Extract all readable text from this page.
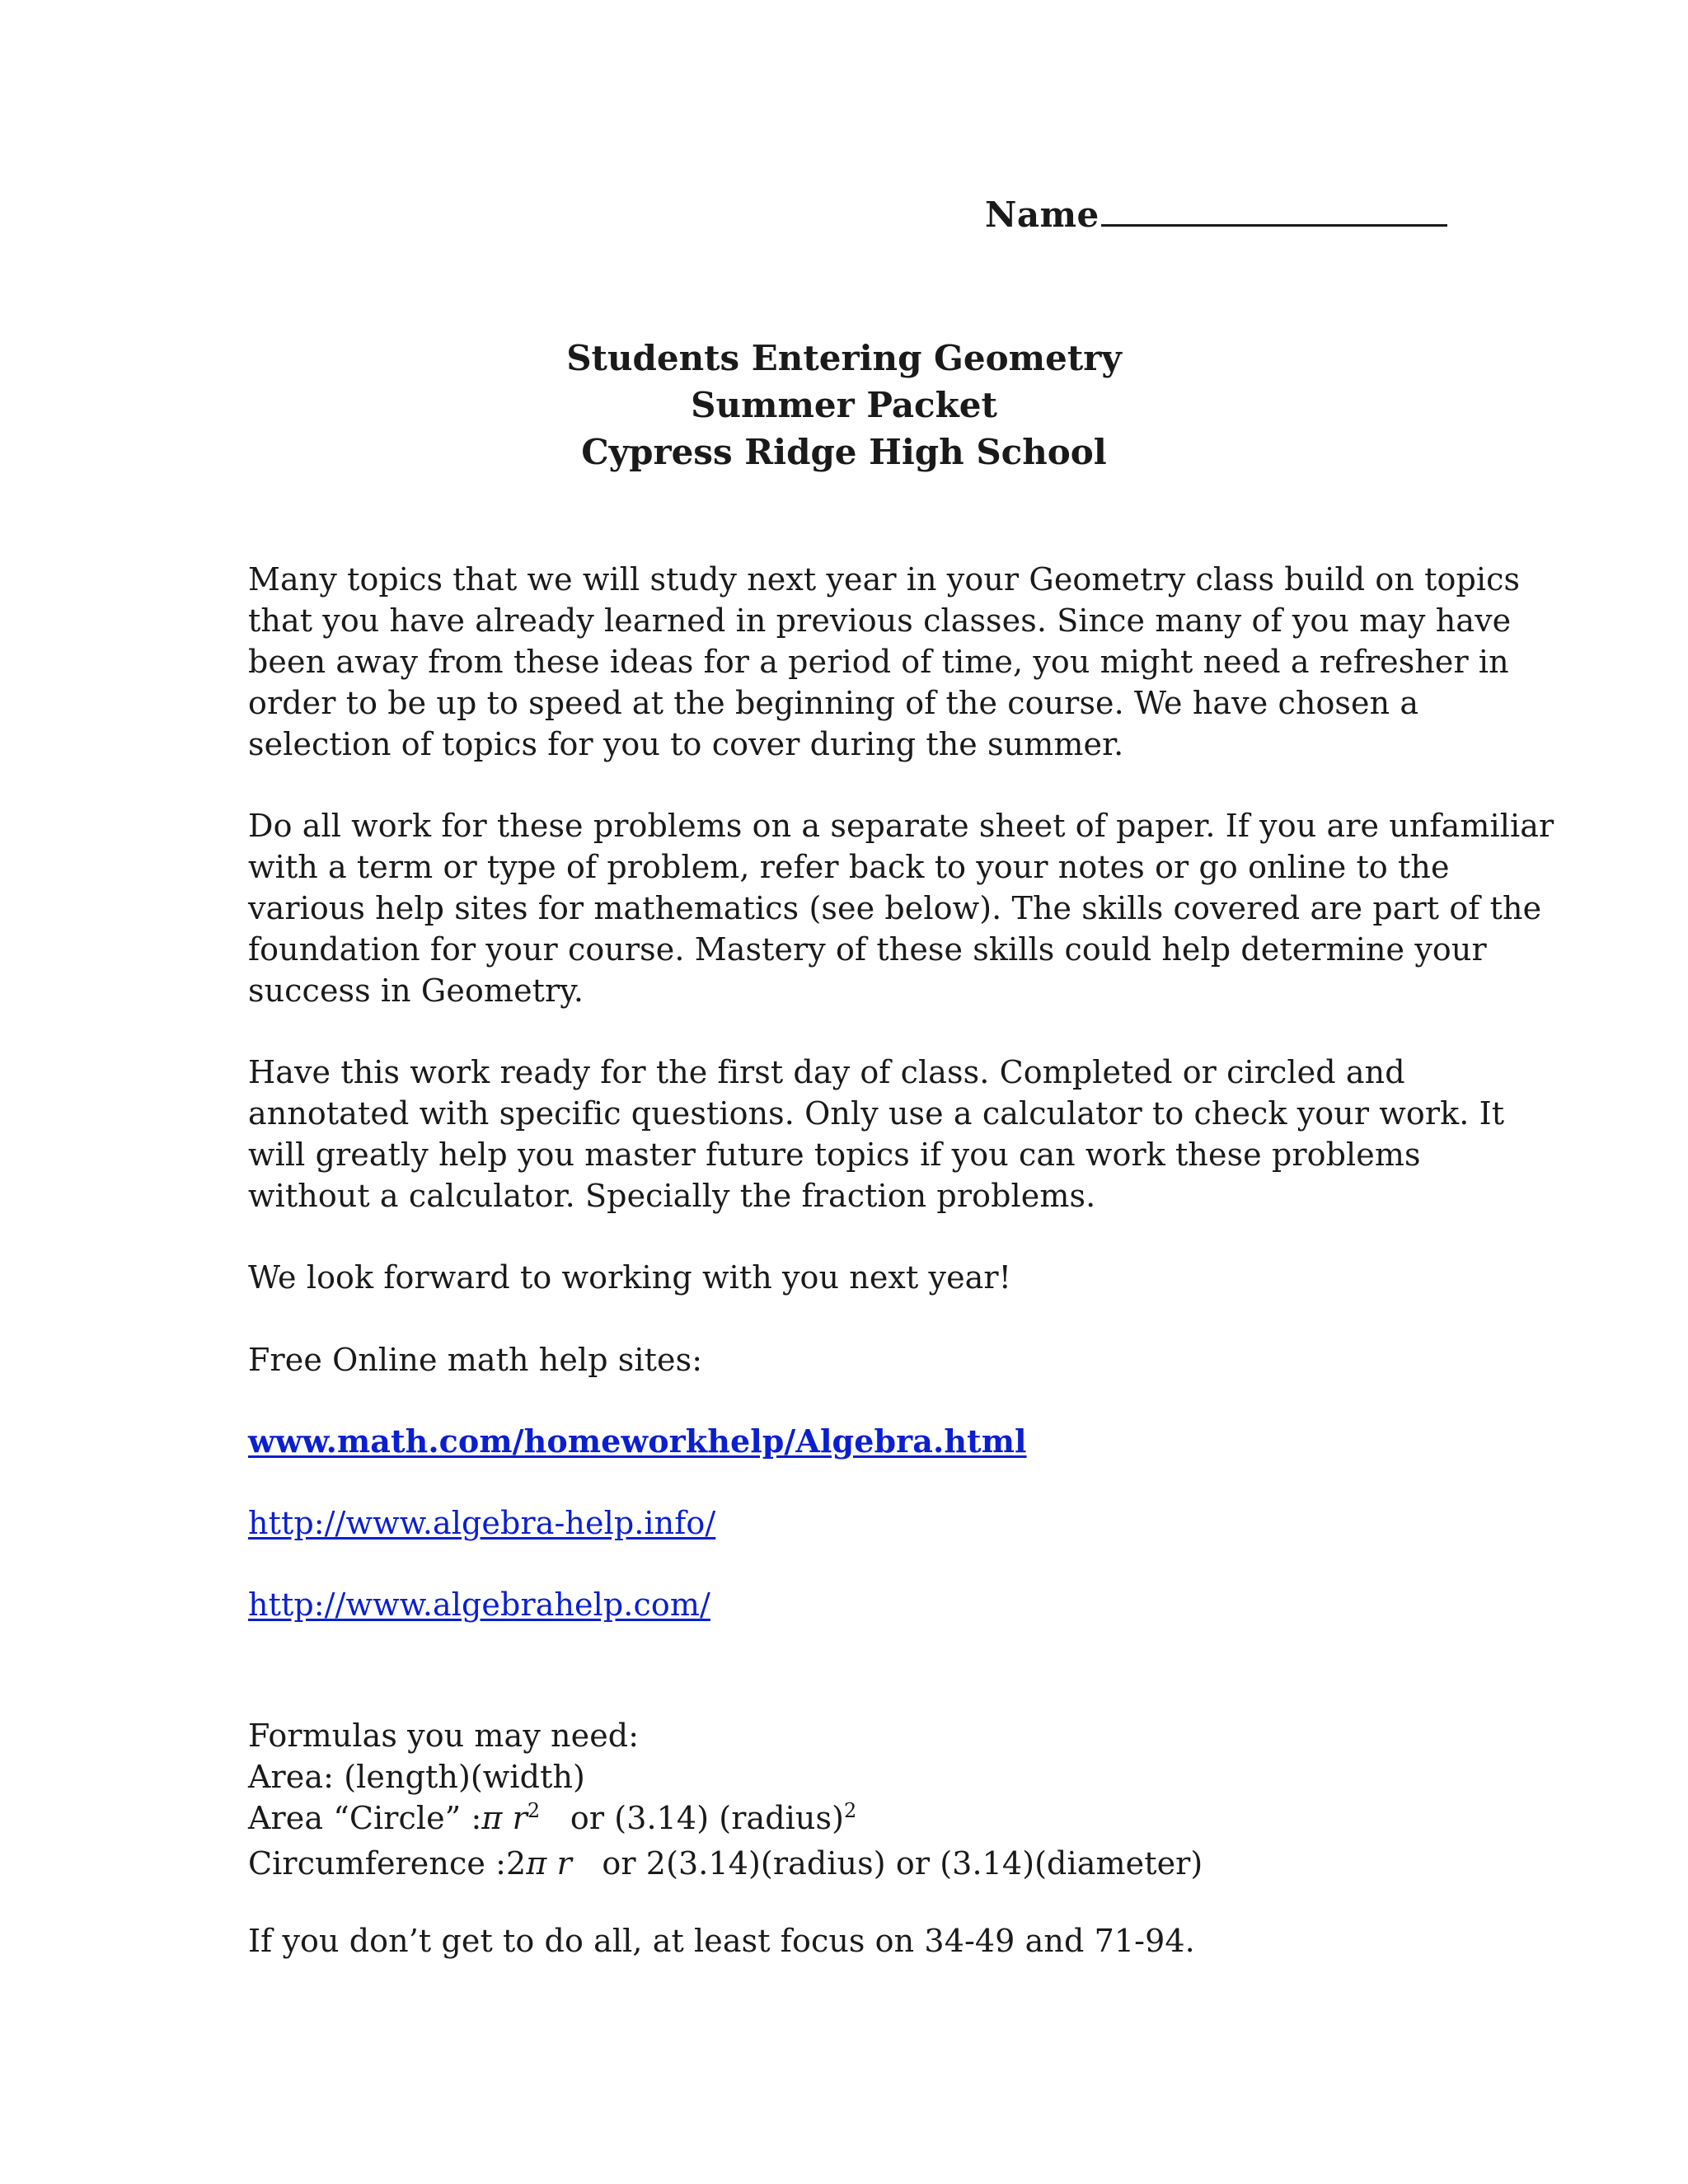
Name
Students Entering Geometry
Summer Packet
Cypress Ridge High School
Many topics that we will study next year in your Geometry class build on topics
that you have already learned in previous classes. Since many of you may have
been away from these ideas for a period of time, you might need a refresher in
order to be up to speed at the beginning of the course. We have chosen a
selection of topics for you to cover during the summer.
Do all work for these problems on a separate sheet of paper. If you are unfamiliar
with a term or type of problem, refer back to your notes or go online to the
various help sites for mathematics (see below). The skills covered are part of the
foundation for your course. Mastery of these skills could help determine your
success in Geometry.
Have this work ready for the first day of class. Completed or circled and
annotated with specific questions. Only use a calculator to check your work. It
will greatly help you master future topics if you can work these problems
without a calculator. Specially the fraction problems.
We look forward to working with you next year!
Free Online math help sites:
www.math.com/homeworkhelp/Algebra.html
http://www.algebra-help.info/
http://www.algebrahelp.com/
Formulas you may need:
Area: (length)(width)
Area “Circle” :π $r^2$ or (3.14) (radius)$^2$
Circumference :2π r or 2(3.14)(radius) or (3.14)(diameter)
If you don’t get to do all, at least focus on 34-49 and 71-94.
